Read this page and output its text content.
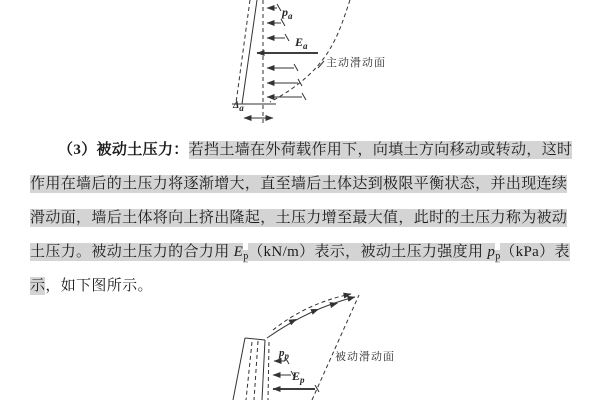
$p_a$
$E_a$
Δa
主动滑动面
（3）被动土压力：若挡土墙在外荷载作用下，向填土方向移动或转动，这时
作用在墙后的土压力将逐渐增大，直至墙后土体达到极限平衡状态，并出现连续
滑动面，墙后土体将向上挤出隆起，土压力增至最大值，此时的土压力称为被动
土压力。被动土压力的合力用 $E_p(kN/m)$表示，被动土压力强度用 $p_p(kPa)$表
示，如下图所示。
$p_p$
$E_p$
被动滑动面
